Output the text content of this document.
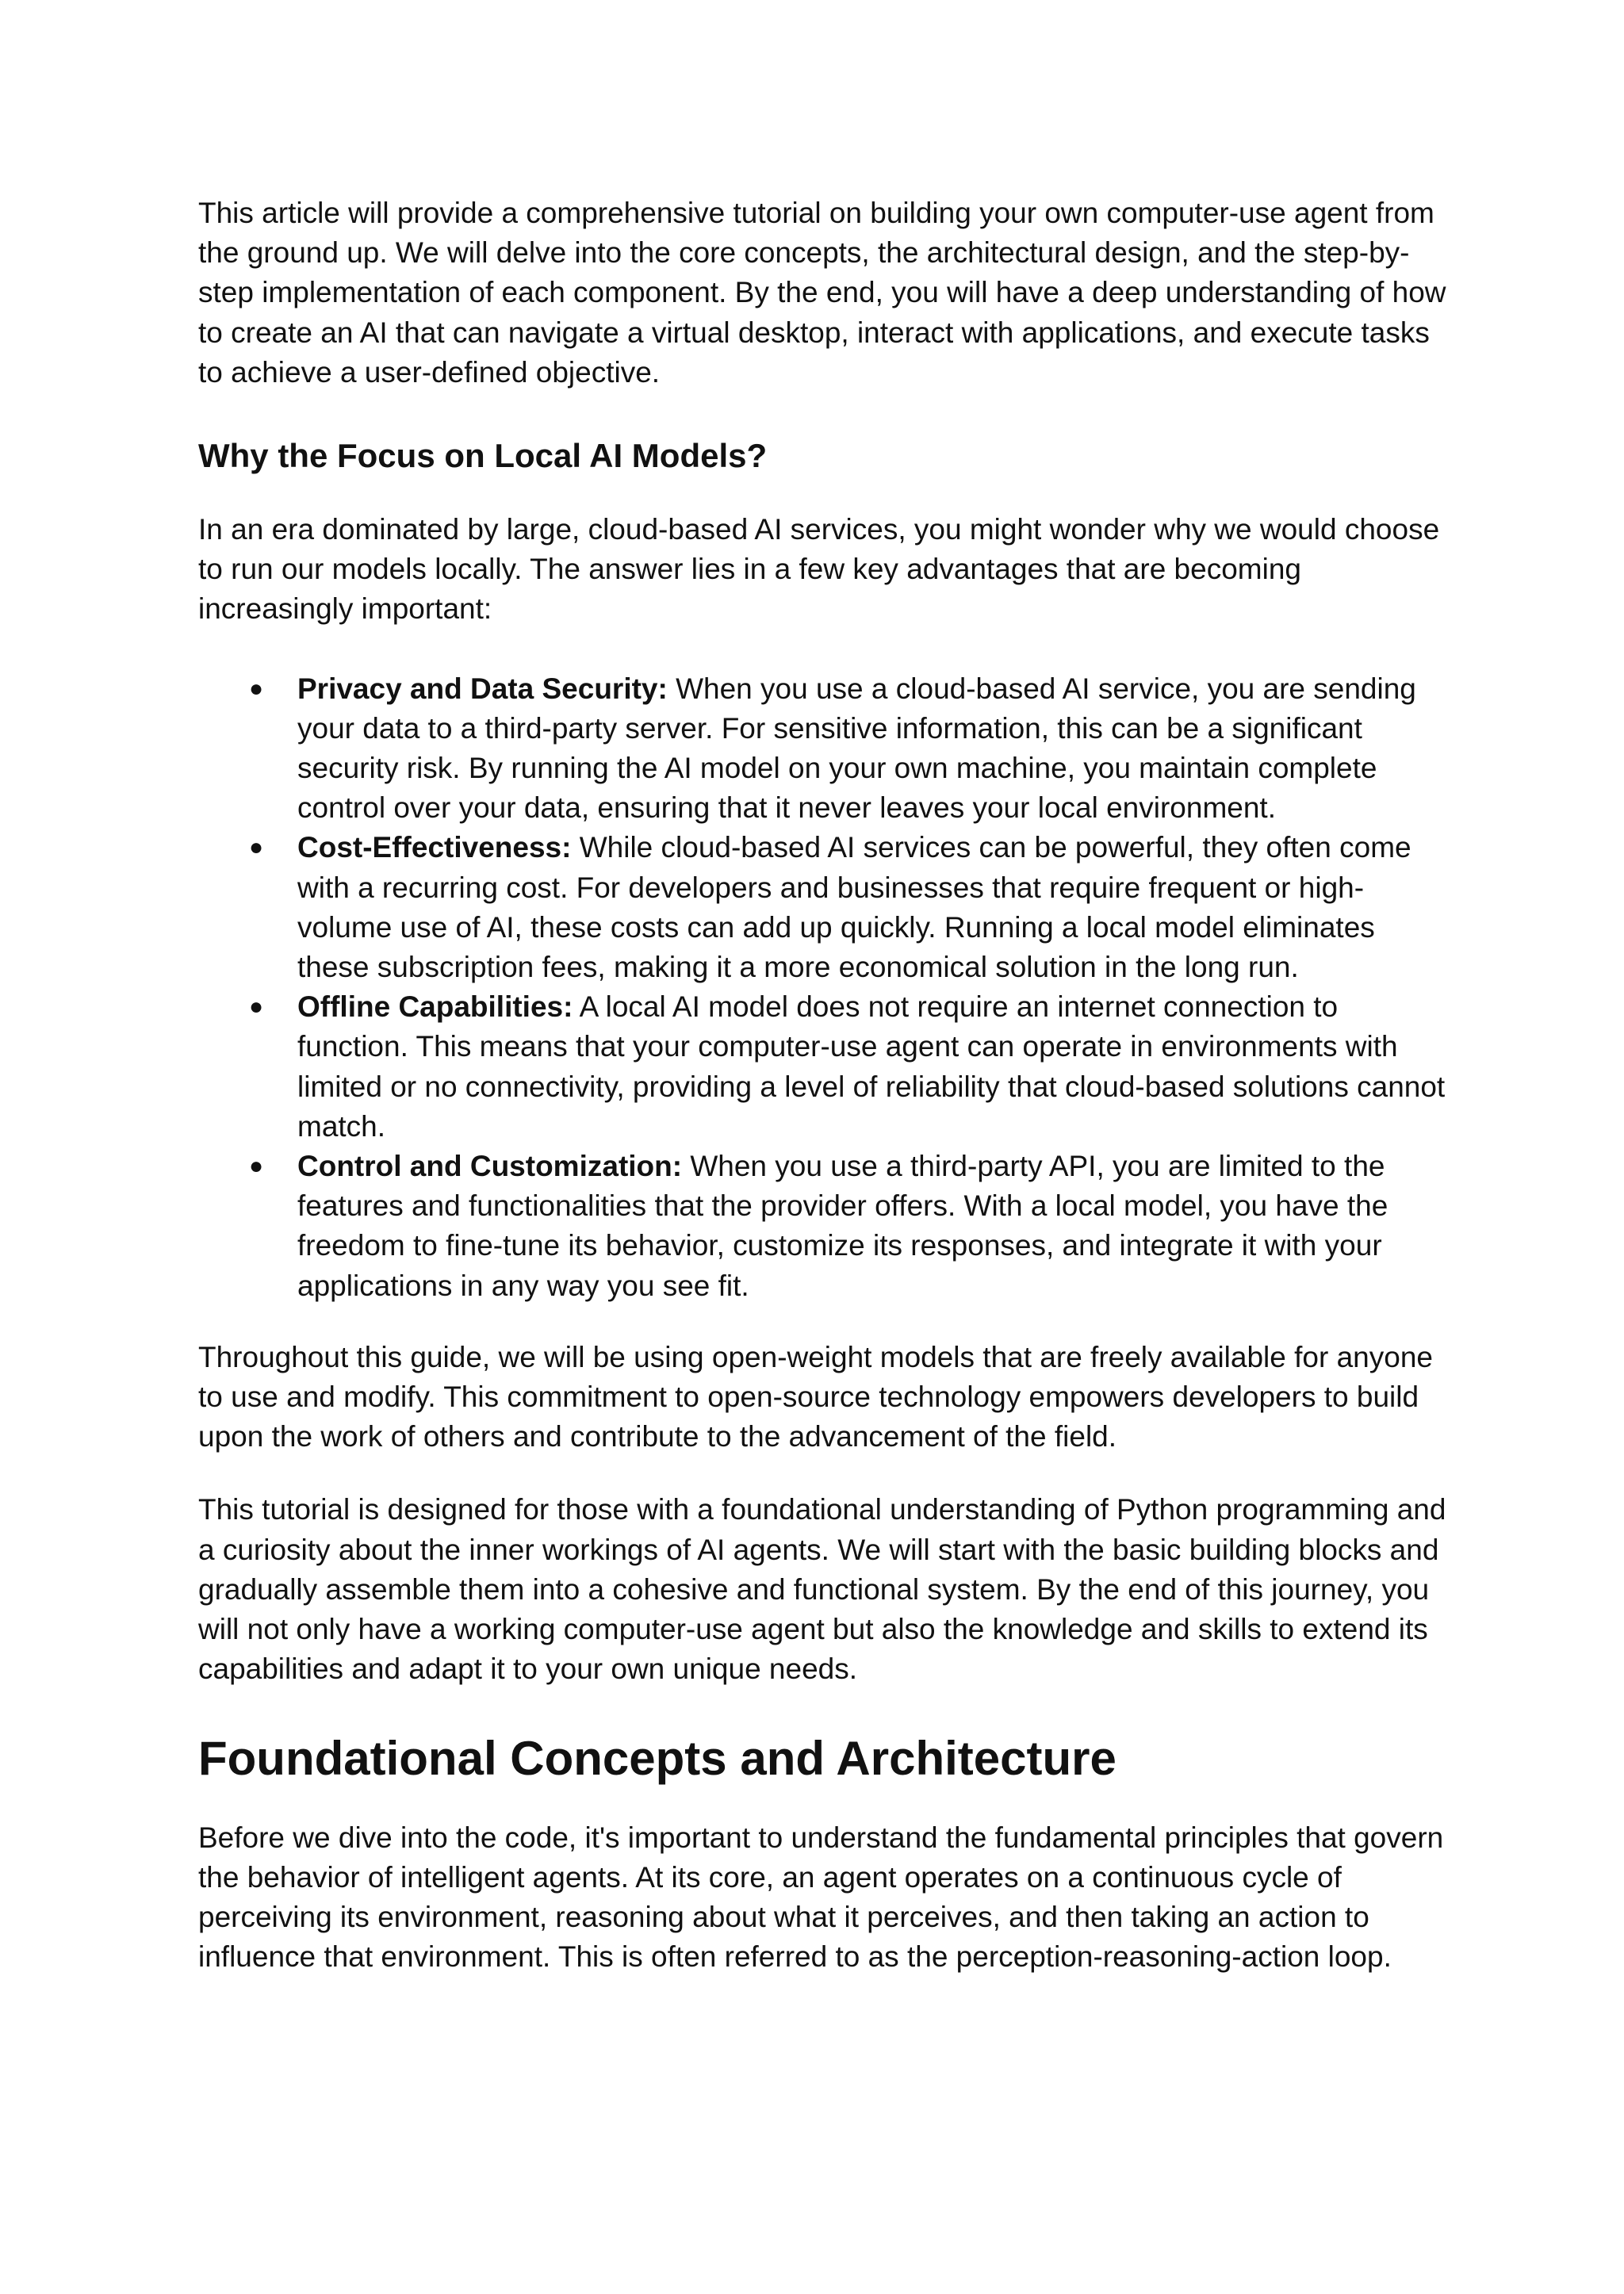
This article will provide a comprehensive tutorial on building your own computer-use agent from the ground up. We will delve into the core concepts, the architectural design, and the step-by-step implementation of each component. By the end, you will have a deep understanding of how to create an AI that can navigate a virtual desktop, interact with applications, and execute tasks to achieve a user-defined objective.

Why the Focus on Local AI Models?

In an era dominated by large, cloud-based AI services, you might wonder why we would choose to run our models locally. The answer lies in a few key advantages that are becoming increasingly important:

● Privacy and Data Security: When you use a cloud-based AI service, you are sending your data to a third-party server. For sensitive information, this can be a significant security risk. By running the AI model on your own machine, you maintain complete control over your data, ensuring that it never leaves your local environment.
● Cost-Effectiveness: While cloud-based AI services can be powerful, they often come with a recurring cost. For developers and businesses that require frequent or high-volume use of AI, these costs can add up quickly. Running a local model eliminates these subscription fees, making it a more economical solution in the long run.
● Offline Capabilities: A local AI model does not require an internet connection to function. This means that your computer-use agent can operate in environments with limited or no connectivity, providing a level of reliability that cloud-based solutions cannot match.
● Control and Customization: When you use a third-party API, you are limited to the features and functionalities that the provider offers. With a local model, you have the freedom to fine-tune its behavior, customize its responses, and integrate it with your applications in any way you see fit.

Throughout this guide, we will be using open-weight models that are freely available for anyone to use and modify. This commitment to open-source technology empowers developers to build upon the work of others and contribute to the advancement of the field.

This tutorial is designed for those with a foundational understanding of Python programming and a curiosity about the inner workings of AI agents. We will start with the basic building blocks and gradually assemble them into a cohesive and functional system. By the end of this journey, you will not only have a working computer-use agent but also the knowledge and skills to extend its capabilities and adapt it to your own unique needs.

Foundational Concepts and Architecture

Before we dive into the code, it's important to understand the fundamental principles that govern the behavior of intelligent agents. At its core, an agent operates on a continuous cycle of perceiving its environment, reasoning about what it perceives, and then taking an action to influence that environment. This is often referred to as the perception-reasoning-action loop.
